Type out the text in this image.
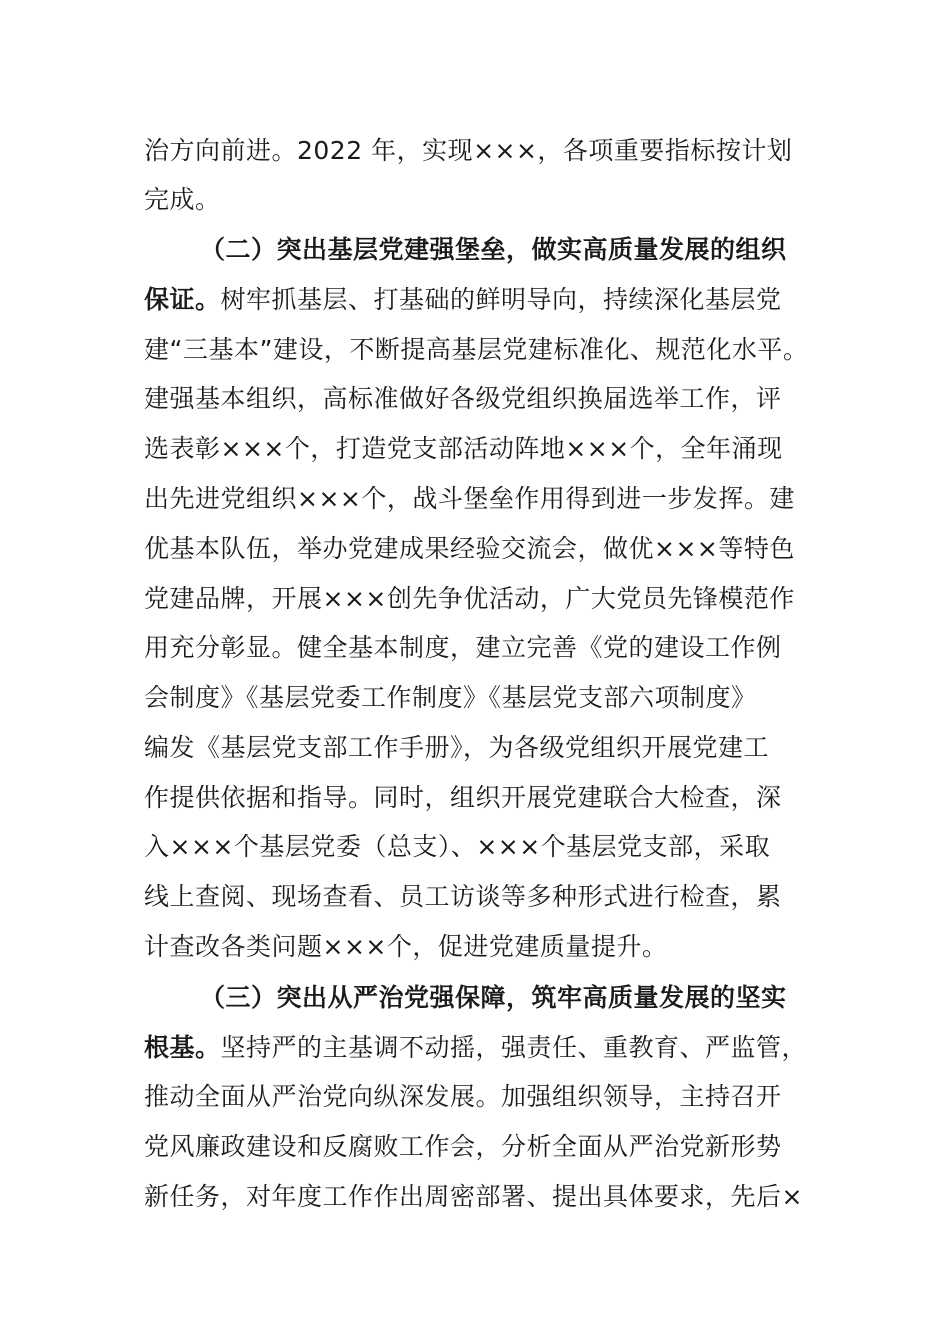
治方向前进。2022 年，实现×××，各项重要指标按计划
完成。
（二）突出基层党建强堡垒，做实高质量发展的组织
保证。树牢抓基层、打基础的鲜明导向，持续深化基层党
建“三基本”建设，不断提高基层党建标准化、规范化水平。
建强基本组织，高标准做好各级党组织换届选举工作，评
选表彰×××个，打造党支部活动阵地×××个，全年涌现
出先进党组织×××个，战斗堡垒作用得到进一步发挥。建
优基本队伍，举办党建成果经验交流会，做优×××等特色
党建品牌，开展×××创先争优活动，广大党员先锋模范作
用充分彰显。健全基本制度，建立完善《党的建设工作例
会制度》《基层党委工作制度》《基层党支部六项制度》
编发《基层党支部工作手册》，为各级党组织开展党建工
作提供依据和指导。同时，组织开展党建联合大检查，深
入×××个基层党委（总支）、×××个基层党支部，采取
线上查阅、现场查看、员工访谈等多种形式进行检查，累
计查改各类问题×××个，促进党建质量提升。
（三）突出从严治党强保障，筑牢高质量发展的坚实
根基。坚持严的主基调不动摇，强责任、重教育、严监管，
推动全面从严治党向纵深发展。加强组织领导，主持召开
党风廉政建设和反腐败工作会，分析全面从严治党新形势
新任务，对年度工作作出周密部署、提出具体要求，先后×
